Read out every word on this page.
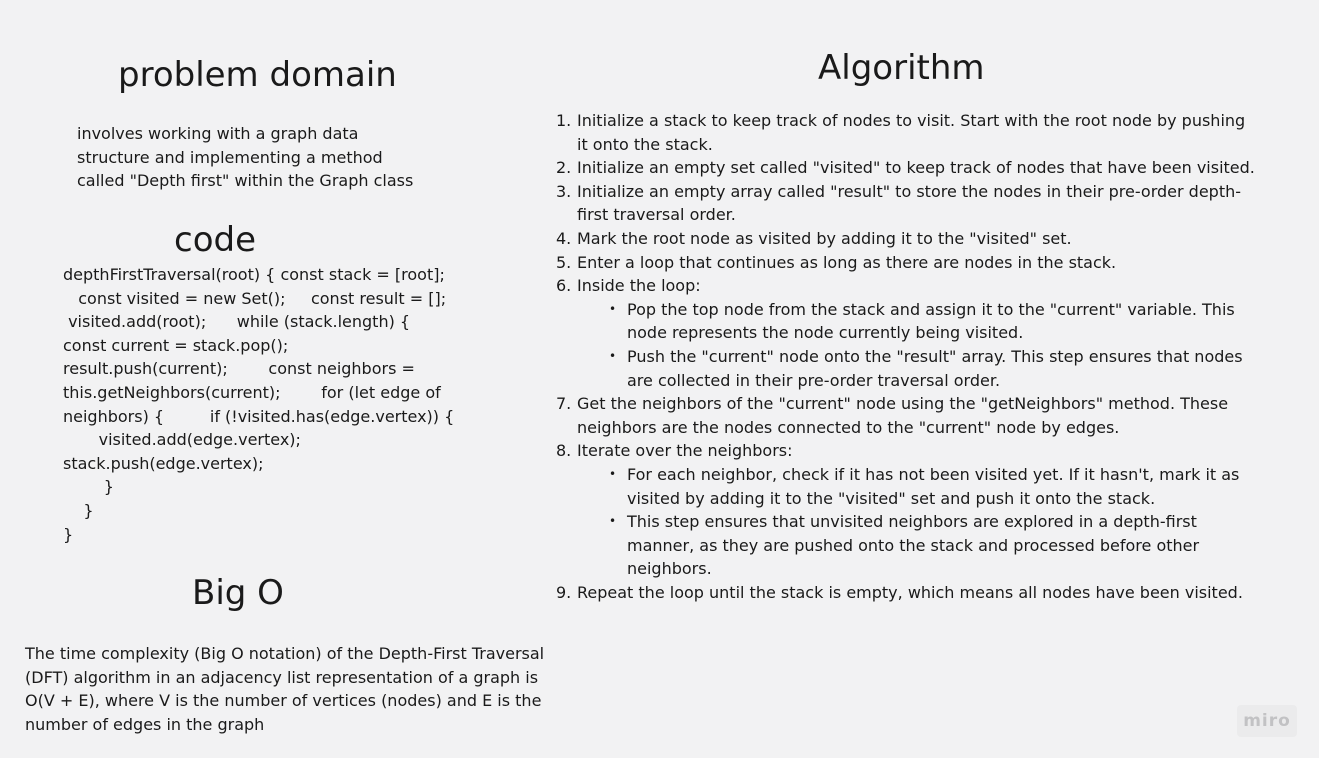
problem domain

involves working with a graph data structure and implementing a method called "Depth first" within the Graph class

code
depthFirstTraversal(root) { const stack = [root];
const visited = new Set();     const result = [];
visited.add(root);      while (stack.length) {
const current = stack.pop();
result.push(current);        const neighbors =
this.getNeighbors(current);        for (let edge of
neighbors) {         if (!visited.has(edge.vertex)) {
visited.add(edge.vertex);
stack.push(edge.vertex);
}
}
}
Big O

The time complexity (Big O notation) of the Depth-First Traversal (DFT) algorithm in an adjacency list representation of a graph is O(V + E), where V is the number of vertices (nodes) and E is the number of edges in the graph

Algorithm
1. Initialize a stack to keep track of nodes to visit. Start with the root node by pushing it onto the stack.
2. Initialize an empty set called "visited" to keep track of nodes that have been visited.
3. Initialize an empty array called "result" to store the nodes in their pre-order depth-first traversal order.
4. Mark the root node as visited by adding it to the "visited" set.
5. Enter a loop that continues as long as there are nodes in the stack.
6. Inside the loop:
• Pop the top node from the stack and assign it to the "current" variable. This node represents the node currently being visited.
• Push the "current" node onto the "result" array. This step ensures that nodes are collected in their pre-order traversal order.
7. Get the neighbors of the "current" node using the "getNeighbors" method. These neighbors are the nodes connected to the "current" node by edges.
8. Iterate over the neighbors:
• For each neighbor, check if it has not been visited yet. If it hasn't, mark it as visited by adding it to the "visited" set and push it onto the stack.
• This step ensures that unvisited neighbors are explored in a depth-first manner, as they are pushed onto the stack and processed before other neighbors.
9. Repeat the loop until the stack is empty, which means all nodes have been visited.
miro
